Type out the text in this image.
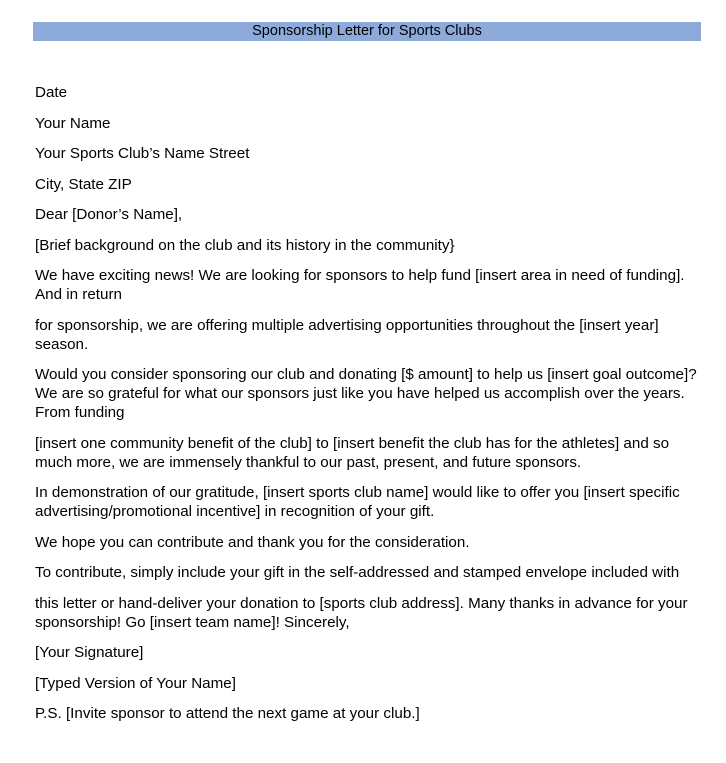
Sponsorship Letter for Sports Clubs

Date

Your Name

Your Sports Club’s Name Street

City, State ZIP

Dear [Donor’s Name],

[Brief background on the club and its history in the community}

We have exciting news! We are looking for sponsors to help fund [insert area in need of funding]. And in return

for sponsorship, we are offering multiple advertising opportunities throughout the [insert year] season.

Would you consider sponsoring our club and donating [$ amount] to help us [insert goal outcome]? We are so grateful for what our sponsors just like you have helped us accomplish over the years. From funding

[insert one community benefit of the club] to [insert benefit the club has for the athletes] and so much more, we are immensely thankful to our past, present, and future sponsors.

In demonstration of our gratitude, [insert sports club name] would like to offer you [insert specific advertising/promotional incentive] in recognition of your gift.

We hope you can contribute and thank you for the consideration.

To contribute, simply include your gift in the self-addressed and stamped envelope included with

this letter or hand-deliver your donation to [sports club address]. Many thanks in advance for your sponsorship! Go [insert team name]! Sincerely,

[Your Signature]

[Typed Version of Your Name]

P.S. [Invite sponsor to attend the next game at your club.]
